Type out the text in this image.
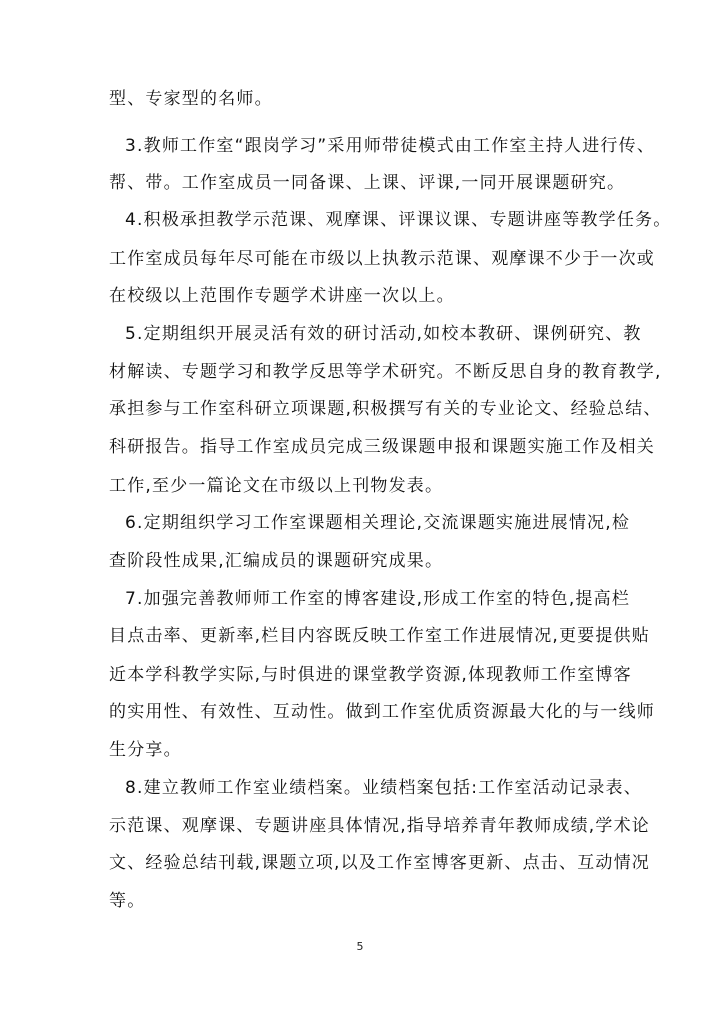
型、专家型的名师。
3.教师工作室“跟岗学习”采用师带徒模式由工作室主持人进行传、
帮、带。工作室成员一同备课、上课、评课,一同开展课题研究。
4.积极承担教学示范课、观摩课、评课议课、专题讲座等教学任务。
工作室成员每年尽可能在市级以上执教示范课、观摩课不少于一次或
在校级以上范围作专题学术讲座一次以上。
5.定期组织开展灵活有效的研讨活动,如校本教研、课例研究、教
材解读、专题学习和教学反思等学术研究。不断反思自身的教育教学,
承担参与工作室科研立项课题,积极撰写有关的专业论文、经验总结、
科研报告。指导工作室成员完成三级课题申报和课题实施工作及相关
工作,至少一篇论文在市级以上刊物发表。
6.定期组织学习工作室课题相关理论,交流课题实施进展情况,检
查阶段性成果,汇编成员的课题研究成果。
7.加强完善教师师工作室的博客建设,形成工作室的特色,提高栏
目点击率、更新率,栏目内容既反映工作室工作进展情况,更要提供贴
近本学科教学实际,与时俱进的课堂教学资源,体现教师工作室博客
的实用性、有效性、互动性。做到工作室优质资源最大化的与一线师
生分享。
8.建立教师工作室业绩档案。业绩档案包括:工作室活动记录表、
示范课、观摩课、专题讲座具体情况,指导培养青年教师成绩,学术论
文、经验总结刊载,课题立项,以及工作室博客更新、点击、互动情况
等。
5
